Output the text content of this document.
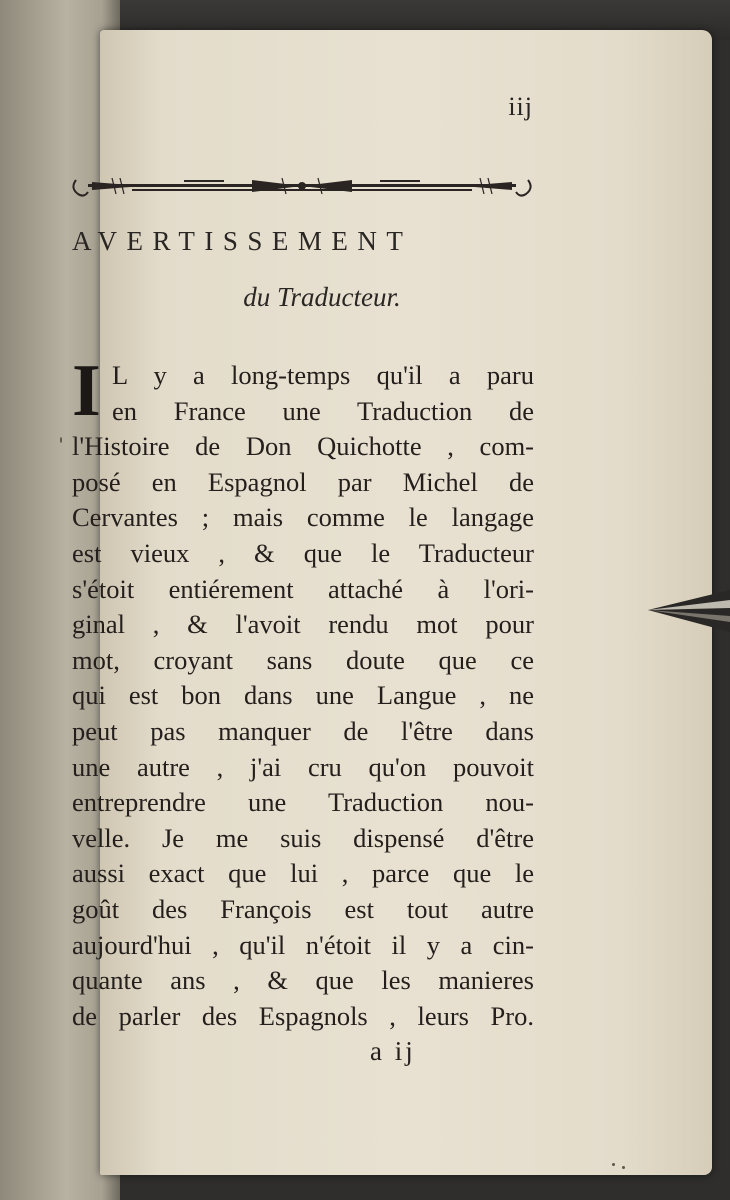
iij
AVERTISSEMENT
du Traducteur.
I L y a long-temps qu'il a paru
en France une Traduction de
l'Histoire de Don Quichotte , com-
posé en Espagnol par Michel de
Cervantes ; mais comme le langage
est vieux , & que le Traducteur
s'étoit entiérement attaché à l'ori-
ginal , & l'avoit rendu mot pour
mot, croyant sans doute que ce
qui est bon dans une Langue , ne
peut pas manquer de l'être dans
une autre , j'ai cru qu'on pouvoit
entreprendre une Traduction nou-
velle. Je me suis dispensé d'être
aussi exact que lui , parce que le
goût des François est tout autre
aujourd'hui , qu'il n'étoit il y a cin-
quante ans , & que les manieres
de parler des Espagnols , leurs Pro.
a ij
